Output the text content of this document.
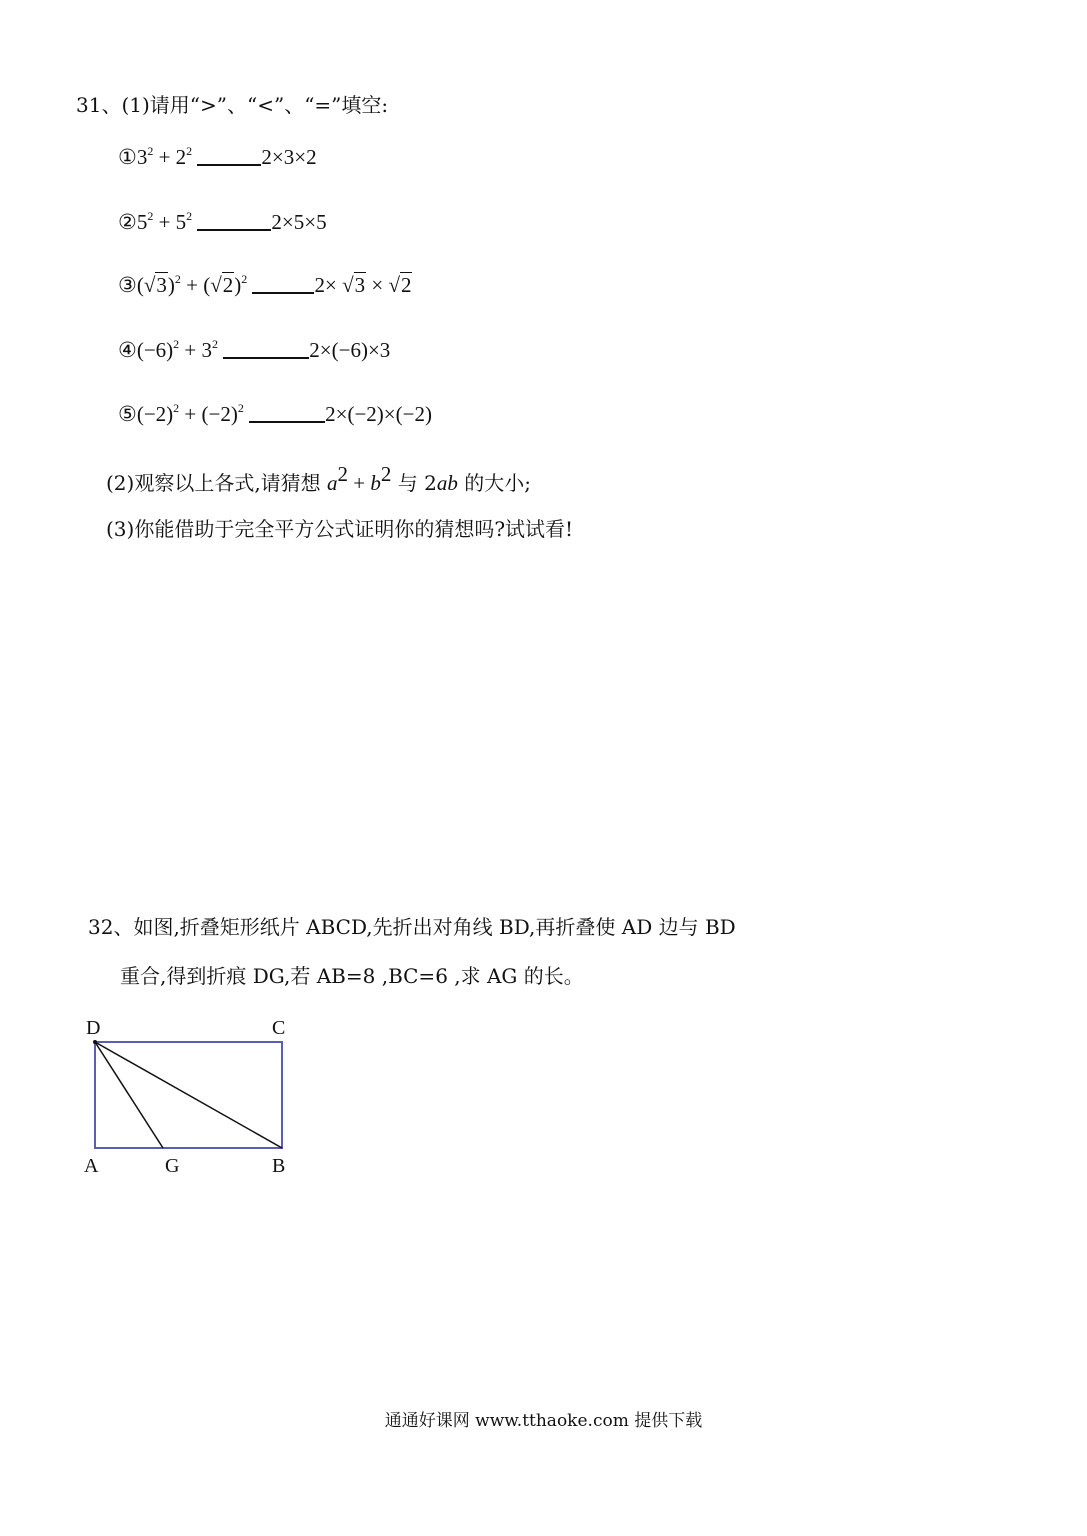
31、(1)请用“>”、“<”、“=”填空:
$①3^2 + 2^2$	2×3×2
$②5^2 + 5^2$	2×5×5
$③(√3)^2 + (√2)^2$	2× √3 × √2
$④(-6)^2 + 3^2$	2×(−6)×3
$⑤(-2)^2 + (-2)^2$	2×(−2)×(−2)
(2)观察以上各式,请猜想 $a^2 + b^2$ 与 2ab 的大小;
(3)你能借助于完全平方公式证明你的猜想吗?试试看!
32、如图,折叠矩形纸片 ABCD,先折出对角线 BD,再折叠使 AD 边与 BD
重合,得到折痕 DG,若 AB=8 ,BC=6 ,求 AG 的长。
D	C
A	G	B
通通好课网 www.tthaoke.com 提供下载
